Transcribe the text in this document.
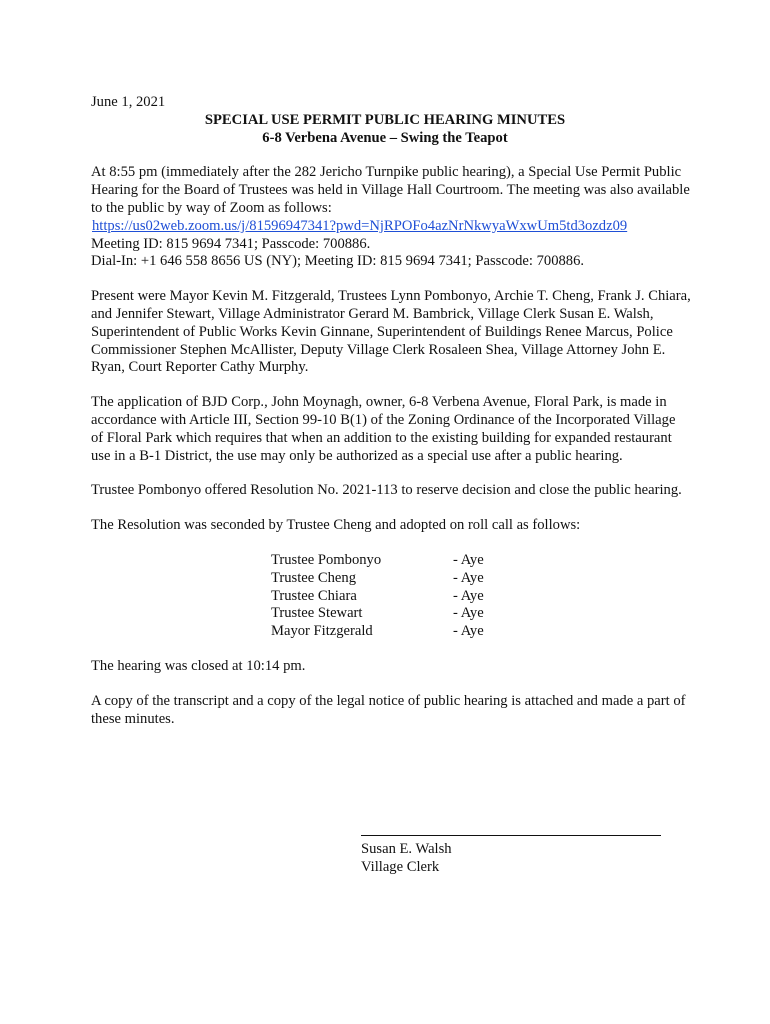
June 1, 2021

SPECIAL USE PERMIT PUBLIC HEARING MINUTES

6-8 Verbena Avenue – Swing the Teapot

At 8:55 pm (immediately after the 282 Jericho Turnpike public hearing), a Special Use Permit Public Hearing for the Board of Trustees was held in Village Hall Courtroom. The meeting was also available to the public by way of Zoom as follows:
https://us02web.zoom.us/j/81596947341?pwd=NjRPOFo4azNrNkwyaWxwUm5td3ozdz09
Meeting ID: 815 9694 7341; Passcode: 700886.
Dial-In: +1 646 558 8656 US (NY); Meeting ID: 815 9694 7341; Passcode: 700886.

Present were Mayor Kevin M. Fitzgerald, Trustees Lynn Pombonyo, Archie T. Cheng, Frank J. Chiara, and Jennifer Stewart, Village Administrator Gerard M. Bambrick, Village Clerk Susan E. Walsh, Superintendent of Public Works Kevin Ginnane, Superintendent of Buildings Renee Marcus, Police Commissioner Stephen McAllister, Deputy Village Clerk Rosaleen Shea, Village Attorney John E. Ryan, Court Reporter Cathy Murphy.

The application of BJD Corp., John Moynagh, owner, 6-8 Verbena Avenue, Floral Park, is made in accordance with Article III, Section 99-10 B(1) of the Zoning Ordinance of the Incorporated Village of Floral Park which requires that when an addition to the existing building for expanded restaurant use in a B-1 District, the use may only be authorized as a special use after a public hearing.

Trustee Pombonyo offered Resolution No. 2021-113 to reserve decision and close the public hearing.

The Resolution was seconded by Trustee Cheng and adopted on roll call as follows:

Trustee Pombonyo	- Aye
Trustee Cheng	- Aye
Trustee Chiara	- Aye
Trustee Stewart	- Aye
Mayor Fitzgerald	- Aye

The hearing was closed at 10:14 pm.

A copy of the transcript and a copy of the legal notice of public hearing is attached and made a part of these minutes.

Susan E. Walsh
Village Clerk
